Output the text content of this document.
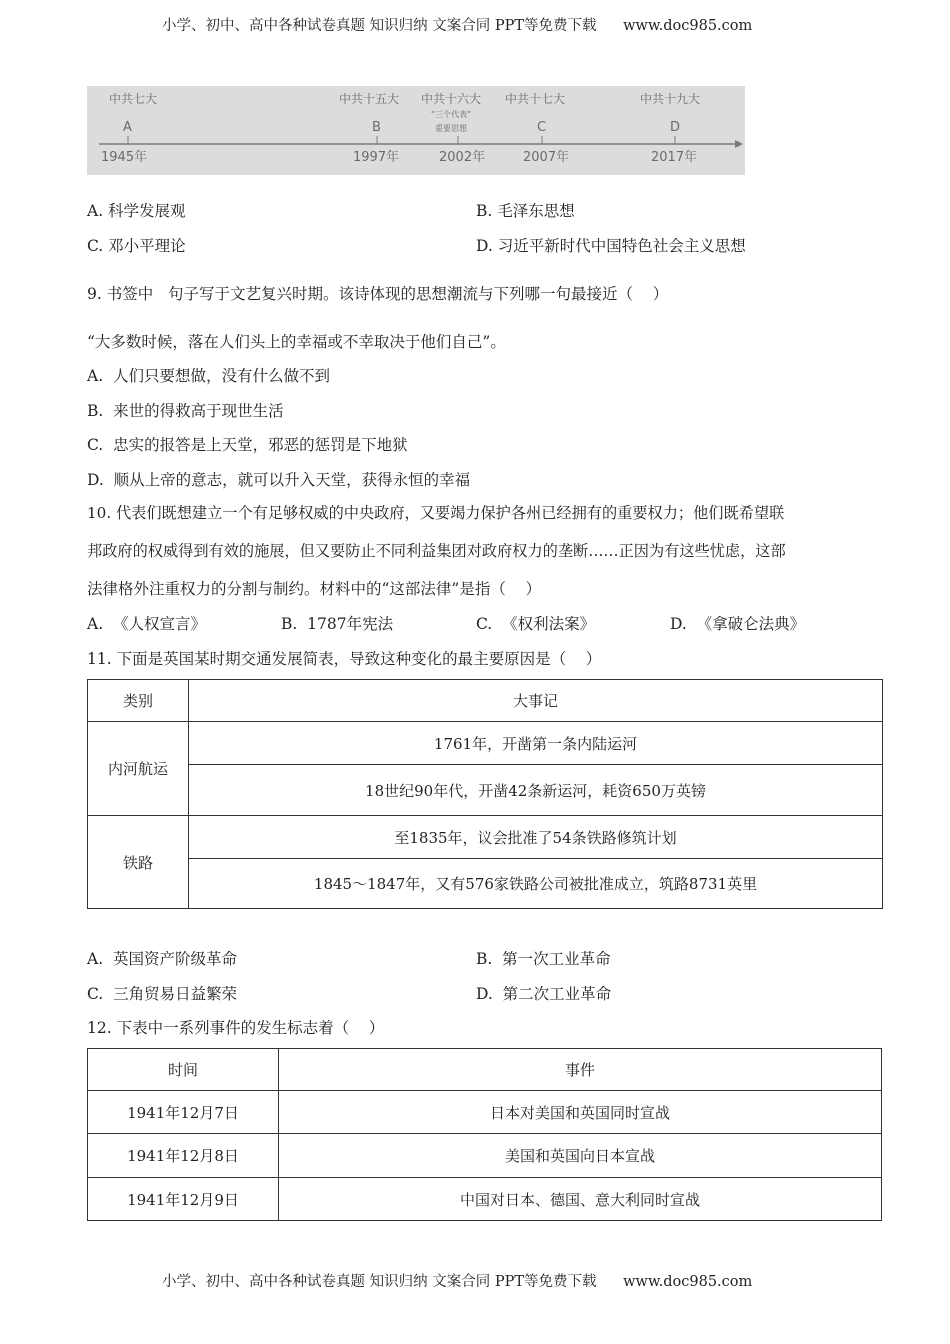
小学、初中、高中各种试卷真题 知识归纳 文案合同 PPT等免费下载 www.doc985.com
中共七大
A
1945年
中共十五大
B
1997年
中共十六大
“三个代表”
重要思想
2002年
中共十七大
C
2007年
中共十九大
D
2017年
A. 科学发展观	B. 毛泽东思想
C. 邓小平理论	D. 习近平新时代中国特色社会主义思想
9. 书签中   句子写于文艺复兴时期。该诗体现的思想潮流与下列哪一句最接近（    ）
“大多数时候，落在人们头上的幸福或不幸取决于他们自己”。
A.  人们只要想做，没有什么做不到
B.  来世的得救高于现世生活
C.  忠实的报答是上天堂，邪恶的惩罚是下地狱
D.  顺从上帝的意志，就可以升入天堂，获得永恒的幸福
10. 代表们既想建立一个有足够权威的中央政府，又要竭力保护各州已经拥有的重要权力；他们既希望联
邦政府的权威得到有效的施展，但又要防止不同利益集团对政府权力的垄断……正因为有这些忧虑，这部
法律格外注重权力的分割与制约。材料中的“这部法律”是指（    ）
A.  《人权宣言》	B.  1787年宪法	C.  《权利法案》	D.  《拿破仑法典》
11. 下面是英国某时期交通发展简表，导致这种变化的最主要原因是（    ）
类别	大事记
内河航运	1761年，开凿第一条内陆运河
	18世纪90年代，开凿42条新运河，耗资650万英镑
铁路	至1835年，议会批准了54条铁路修筑计划
	1845～1847年，又有576家铁路公司被批准成立，筑路8731英里
A.  英国资产阶级革命	B.  第一次工业革命
C.  三角贸易日益繁荣	D.  第二次工业革命
12. 下表中一系列事件的发生标志着（    ）
时间	事件
1941年12月7日	日本对美国和英国同时宣战
1941年12月8日	美国和英国向日本宣战
1941年12月9日	中国对日本、德国、意大利同时宣战
小学、初中、高中各种试卷真题 知识归纳 文案合同 PPT等免费下载 www.doc985.com
